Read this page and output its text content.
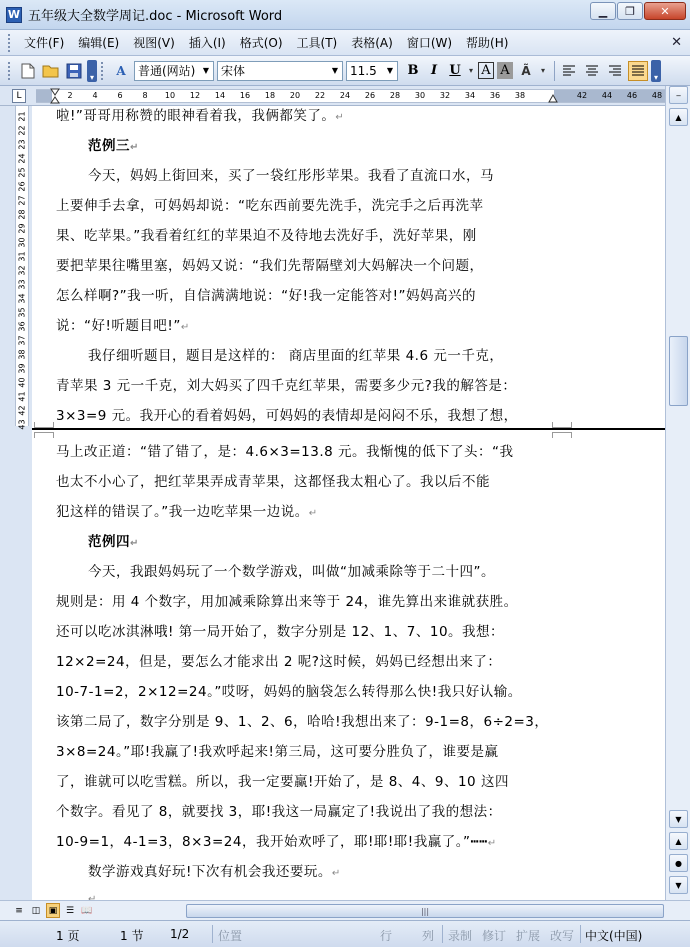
W 五年级大全数学周记.doc - Microsoft Word	▁	❐	✕
文件(F)	编辑(E)	视图(V)	插入(I)	格式(O)	工具(T)	表格(A)	窗口(W)	帮助(H)	✕
▾ A 普通(网站) ▼ 宋体	▼ 11.5	▼	B I U	▾ A A A͂	▾
▾
L	2 4 6 8 10 12 14 16 18 20 22 24 26 28 30 32 34 36 38	42 44 46 48
21
22
23
24
25
26
27
28
29
30
31
32
33
34
35
36
37
38
39
40
41
42
43
啦!”哥哥用称赞的眼神看着我，我俩都笑了。↵
范例三↵
今天，妈妈上街回来，买了一袋红彤彤苹果。我看了直流口水，马
上要伸手去拿，可妈妈却说：“吃东西前要先洗手，洗完手之后再洗苹
果、吃苹果。”我看着红红的苹果迫不及待地去洗好手，洗好苹果，刚
要把苹果往嘴里塞，妈妈又说：“我们先帮隔壁刘大妈解决一个问题，
怎么样啊?”我一听，自信满满地说：“好!我一定能答对!”妈妈高兴的
说：“好!听题目吧!”↵
我仔细听题目，题目是这样的： 商店里面的红苹果 4.6 元一千克，
青苹果 3 元一千克，刘大妈买了四千克红苹果，需要多少元?我的解答是：
3×3=9 元。我开心的看着妈妈，可妈妈的表情却是闷闷不乐，我想了想，
马上改正道：“错了错了，是：4.6×3=13.8 元。我惭愧的低下了头：“我
也太不小心了，把红苹果弄成青苹果，这都怪我太粗心了。我以后不能
犯这样的错误了。”我一边吃苹果一边说。↵
范例四↵
今天，我跟妈妈玩了一个数学游戏，叫做“加减乘除等于二十四”。
规则是：用 4 个数字，用加减乘除算出来等于 24，谁先算出来谁就获胜。
还可以吃冰淇淋哦! 第一局开始了，数字分别是 12、1、7、10。我想：
12×2=24，但是，要怎么才能求出 2 呢?这时候，妈妈已经想出来了：
10-7-1=2，2×12=24。”哎呀，妈妈的脑袋怎么转得那么快!我只好认输。
该第二局了，数字分别是 9、1、2、6，哈哈!我想出来了：9-1=8，6÷2=3，
3×8=24。”耶!我赢了!我欢呼起来!第三局，这可要分胜负了，谁要是赢
了，谁就可以吃雪糕。所以，我一定要赢!开始了，是 8、4、9、10 这四
个数字。看见了 8，就要找 3，耶!我这一局赢定了!我说出了我的想法：
10-9=1，4-1=3，8×3=24，我开始欢呼了，耶!耶!耶!我赢了。”┅┅↵
数学游戏真好玩!下次有机会我还要玩。↵
↵
‒
▲
▼
▲
●
▼
≡ ◫ ▣ ☰ 📖	|||
1 页	1 节 1/2 位置	行 列 录制 修订 扩展 改写 中文(中国)
